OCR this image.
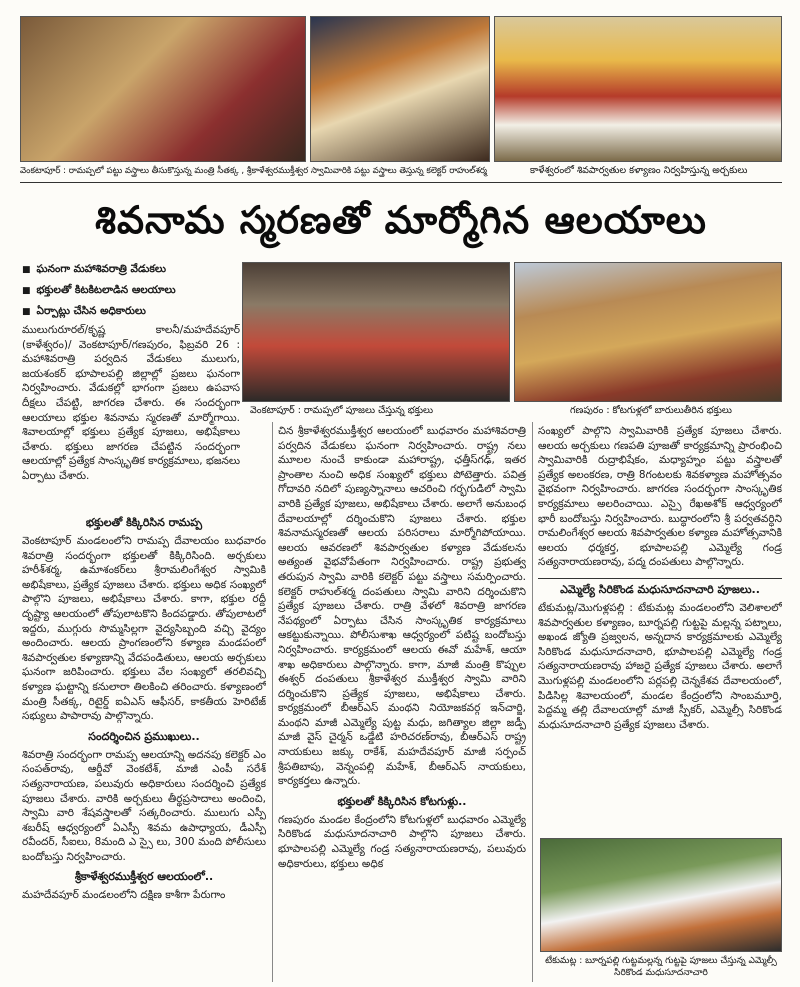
వెంకటాపూర్ : రామప్పలో పట్టు వస్త్రాలు తీసుకొస్తున్న మంత్రి సీతక్క , శ్రీకాళేశ్వరముక్తీశ్వర స్వామివారికి పట్టు వస్త్రాలు తెస్తున్న కలెక్టర్ రాహుల్‌శర్మ	కాళేశ్వరంలో శివపార్వతుల కళ్యాణం నిర్వహిస్తున్న అర్చకులు
శివనామ స్మరణతో మార్మోగిన ఆలయాలు
■ ఘనంగా మహాశివరాత్రి వేడుకలు
■ భక్తులతో కిటకిటలాడిన ఆలయాలు
■ ఏర్పాట్లు చేసిన అధికారులు
వెంకటాపూర్ : రామప్పలో పూజలు చేస్తున్న భక్తులు	గణపురం : కోటగుళ్లలో బారులుతీరిన భక్తులు
ములుగురూరల్/కృష్ణ కాలనీ/మహదేవపూర్ (కాళేశ్వరం)/ వెంకటాపూర్/గణపురం, ఫిబ్రవరి 26 : మహాశివరాత్రి పర్వదిన వేడుకలు ములుగు, జయశంకర్ భూపాలపల్లి జిల్లాల్లో ప్రజలు ఘనంగా నిర్వహించారు. వేడుకల్లో భాగంగా ప్రజలు ఉపవాస దీక్షలు చేపట్టి, జాగరణ చేశారు. ఈ సందర్భంగా ఆలయాలు భక్తుల శివనామ స్మరణతో మార్మోగాయి. శివాలయాల్లో భక్తులు ప్రత్యేక పూజలు, అభిషేకాలు చేశారు. భక్తులు జాగరణ చేపట్టిన సందర్భంగా ఆలయాల్లో ప్రత్యేక సాంస్కృతిక కార్యక్రమాలు, భజనలు ఏర్పాటు చేశారు.
భక్తులతో కిక్కిరిసిన రామప్ప
వెంకటాపూర్ మండలంలోని రామప్ప దేవాలయం బుధవారం శివరాత్రి సందర్భంగా భక్తులతో కిక్కిరిసింది. అర్చకులు హరీశ్‌శర్మ, ఉమాశంకర్‌లు శ్రీరామలింగేశ్వర స్వామికి అభిషేకాలు, ప్రత్యేక పూజలు చేశారు. భక్తులు అధిక సంఖ్యలో పాల్గొని పూజలు, అభిషేకాలు చేశారు. కాగా, భక్తుల రద్దీ దృష్ట్యా ఆలయంలో తోపులాటకొని కిందపడ్డారు. తోపులాటలో ఇద్దరు, ముగ్గురు సొమ్మసిల్లగా వైద్యసిబ్బంది వచ్చి వైద్యం అందించారు. ఆలయ ప్రాంగణంలోని కళ్యాణ మండపంలో శివపార్వతుల కళ్యాణాన్ని వేదపండితులు, ఆలయ అర్చకులు ఘనంగా జరిపించారు. భక్తులు వేల సంఖ్యలో తరలివచ్చి కళ్యాణ ఘట్టాన్ని కనులారా తిలకించి తరించారు. కళ్యాణంలో మంత్రి సీతక్క, రిటైర్డ్ ఐఏఎస్ ఆఫీసర్, కాకతీయ హెరిటేజ్ సభ్యులు పాపారావు పాల్గొన్నారు.
సందర్శించిన ప్రముఖులు..
శివరాత్రి సందర్భంగా రామప్ప ఆలయాన్ని అదనపు కలెక్టర్ ఎం సంపత్‌రావు, ఆర్డీవో వెంకటేశ్, మాజీ ఎంపీ సరేశ్ సత్యనారాయణ, పలువురు అధికారులు సందర్శించి ప్రత్యేక పూజలు చేశారు. వారికి అర్చకులు తీర్థప్రసాదాలు అందించి, స్వామి వారి శేషవస్త్రాలతో సత్కరించారు. ములుగు ఎస్పీ శబరీష్ ఆధ్వర్యంలో ఏఎస్పీ శివమ ఉపాధ్యాయ, డీఎస్పీ రవీందర్, సీఐలు, 8మంది ఎ స్సై లు, 300 మంది పోలీసులు బందోబస్తు నిర్వహించారు.
శ్రీకాళేశ్వరముక్తీశ్వర ఆలయంలో..
మహదేవపూర్ మండలంలోని దక్షిణ కాశీగా పేరుగాం
చిన శ్రీకాళేశ్వరముక్తీశ్వర ఆలయంలో బుధవారం మహాశివరాత్రి పర్వదిన వేడుకలు ఘనంగా నిర్వహించారు. రాష్ట్ర నలు మూలల నుంచే కాకుండా మహారాష్ట్ర, ఛత్తీస్‌గఢ్, ఇతర ప్రాంతాల నుంచి అధిక సంఖ్యలో భక్తులు పోటెత్తారు. పవిత్ర గోదావరి నదిలో పుణ్యస్నానాలు ఆచరించి గర్భగుడిలో స్వామి వారికి ప్రత్యేక పూజలు, అభిషేకాలు చేశారు. అలాగే అనుబంధ దేవాలయాల్లో దర్శించుకొని పూజలు చేశారు. భక్తుల శివనామస్మరణతో ఆలయ పరిసరాలు మార్మోగిపోయాయి. ఆలయ ఆవరణలో శివపార్వతుల కళ్యాణ వేడుకలను అత్యంత వైభవోపేతంగా నిర్వహించారు. రాష్ట్ర ప్రభుత్వ తరుపున స్వామి వారికి కలెక్టర్ పట్టు వస్త్రాలు సమర్పించారు. కలెక్టర్ రాహుల్‌శర్మ దంపతులు స్వామి వారిని దర్శించుకొని ప్రత్యేక పూజలు చేశారు. రాత్రి వేళలో శివరాత్రి జాగరణ నేపథ్యంలో ఏర్పాటు చేసిన సాంస్కృతిక కార్యక్రమాలు ఆకట్టుకున్నాయి. పోలీసుశాఖ ఆధ్వర్యంలో పటిష్ట బందోబస్తు నిర్వహించారు. కార్యక్రమంలో ఆలయ ఈవో మహేశ్, ఆయా శాఖ అధికారులు పాల్గొన్నారు. కాగా, మాజీ మంత్రి కొప్పుల ఈశ్వర్ దంపతులు శ్రీకాళేశ్వర ముక్తీశ్వర స్వామి వారిని దర్శించుకొని ప్రత్యేక పూజలు, అభిషేకాలు చేశారు. కార్యక్రమంలో బీఆర్ఎస్ మంథని నియోజకవర్గ ఇన్‌చార్జి, మంథని మాజీ ఎమ్మెల్యే పుట్ట మధు, జగిత్యాల జిల్లా జడ్పీ మాజీ వైస్ చైర్మన్ ఒడ్డేటి హరిచరణ్‌రావు, బీఆర్ఎస్ రాష్ట్ర నాయకులు జక్కు రాకేశ్, మహదేవపూర్ మాజీ సర్పంచ్ శ్రీపతిబాపు, వెన్నంపల్లి మహేశ్, బీఆర్ఎస్ నాయకులు, కార్యకర్తలు ఉన్నారు.
భక్తులతో కిక్కిరిసిన కోటగుళ్లు..
గణపురం మండల కేంద్రంలోని కోటగుళ్లలో బుధవారం ఎమ్మెల్యే సిరికొండ మధుసూదనాచారి పాల్గొని పూజలు చేశారు. భూపాలపల్లి ఎమ్మెల్యే గండ్ర సత్యనారాయణరావు, పలువురు అధికారులు, భక్తులు అధిక
సంఖ్యలో పాల్గొని స్వామివారికి ప్రత్యేక పూజలు చేశారు. ఆలయ అర్చకులు గణపతి పూజతో కార్యక్రమాన్ని ప్రారంభించి స్వామివారికి రుద్రాభిషేకం, మధ్యాహ్నం పట్టు వస్త్రాలతో ప్రత్యేక అలంకరణ, రాత్రి 8గంటలకు శివకళ్యాణ మహోత్సవం వైభవంగా నిర్వహించారు. జాగరణ సందర్భంగా సాంస్కృతిక కార్యక్రమాలు అలరించాయి. ఎస్సై రేఖఅశోక్ ఆధ్వర్యంలో భారీ బందోబస్తు నిర్వహించారు. బుద్ధారంలోని శ్రీ పర్వతవర్ధిని రామలింగేశ్వర ఆలయ శివపార్వతుల కళ్యాణ మహోత్సవానికి ఆలయ ధర్మకర్త, భూపాలపల్లి ఎమ్మెల్యే గండ్ర సత్యనారాయణరావు, పద్మ దంపతులు పాల్గొన్నారు.
ఎమ్మెల్యే సిరికొండ మధుసూదనాచారి పూజలు..
టేకుమట్ల/మొగుళ్లపల్లి : టేకుమట్ల మండలంలోని వెలిశాలలో శివపార్వతుల కళ్యాణం, బూర్నపల్లి గుట్టపై మల్లన్న పట్నాలు, అఖండ జ్యోతి ప్రజ్వలన, అన్నదాన కార్యక్రమాలకు ఎమ్మెల్యే సిరికొండ మధుసూదనాచారి, భూపాలపల్లి ఎమ్మెల్యే గండ్ర సత్యనారాయణరావు హాజరై ప్రత్యేక పూజలు చేశారు. అలాగే మొగుళ్లపల్లి మండలంలోని పర్లపల్లి చెన్నకేశవ దేవాలయంలో, పిడిసిల్ల శివాలయంలో, మండల కేంద్రంలోని సాంబమూర్తి, పెద్దమ్మ తల్లి దేవాలయాల్లో మాజీ స్పీకర్, ఎమ్మెల్సీ సిరికొండ మధుసూదనాచారి ప్రత్యేక పూజలు చేశారు.
టేకుమట్ల : బూర్నపల్లి గుట్టమల్లన్న గుట్టపై పూజలు చేస్తున్న ఎమ్మెల్సీ సిరికొండ మధుసూదనాచారి
